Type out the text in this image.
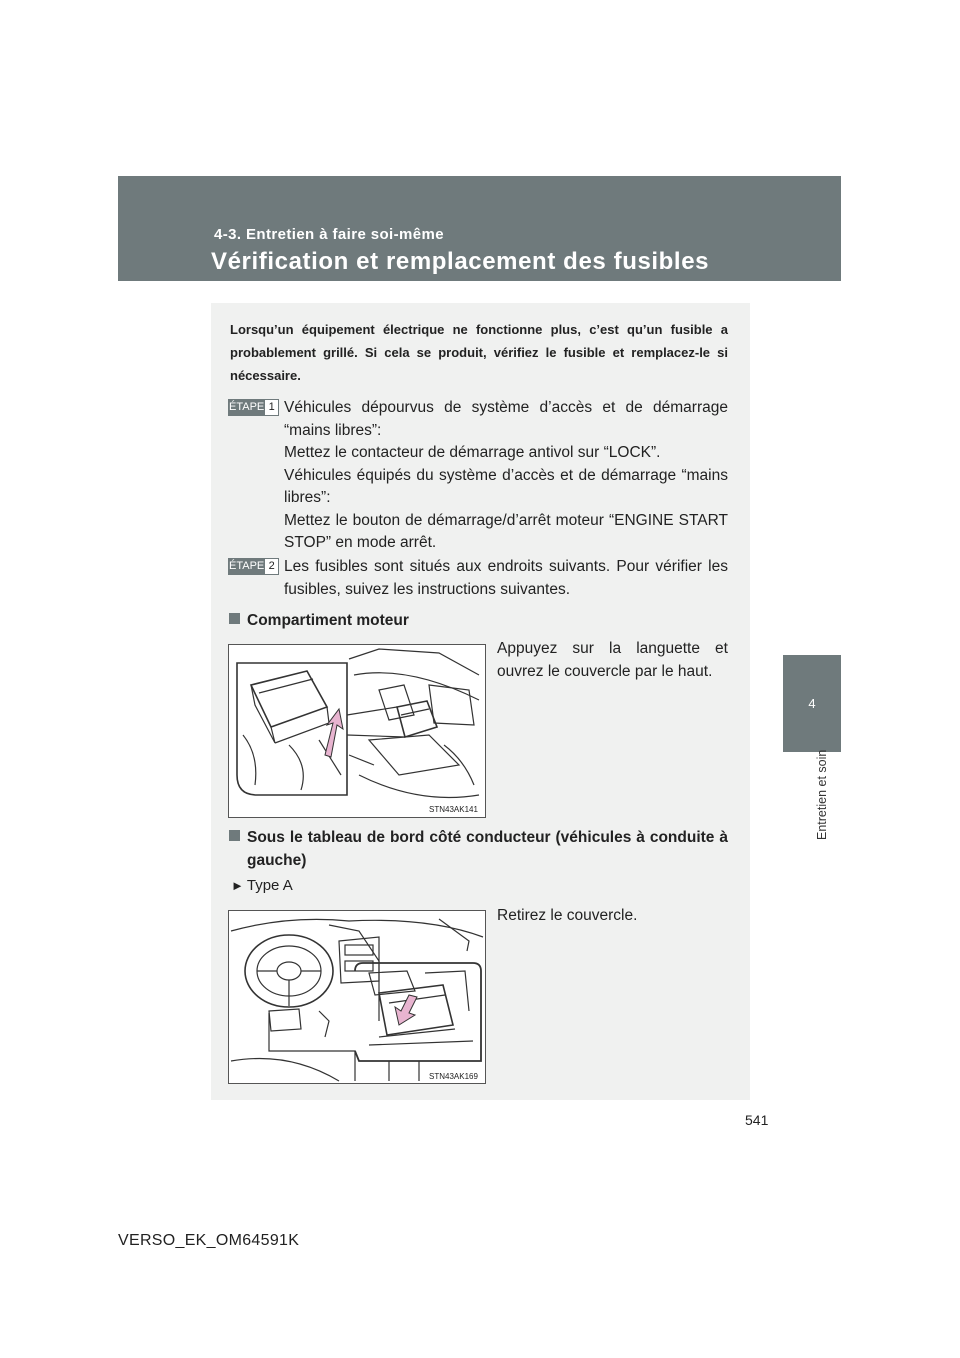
4-3. Entretien à faire soi-même
Vérification et remplacement des fusibles
4
Entretien et soin
Lorsqu’un équipement électrique ne fonctionne plus, c’est qu’un fusible a probablement grillé. Si cela se produit, vérifiez le fusible et remplacez-le si nécessaire.
ÉTAPE 1 Véhicules dépourvus de système d’accès et de démarrage “mains libres”:

Mettez le contacteur de démarrage antivol sur “LOCK”.

Véhicules équipés du système d’accès et de démarrage “mains libres”:

Mettez le bouton de démarrage/d’arrêt moteur “ENGINE START STOP” en mode arrêt.

ÉTAPE 2 Les fusibles sont situés aux endroits suivants. Pour vérifier les fusibles, suivez les instructions suivantes.

Compartiment moteur
Appuyez sur la languette et ouvrez le couvercle par le haut.
STN43AK141
Sous le tableau de bord côté conducteur (véhicules à conduite à gauche)
► Type A
Retirez le couvercle.
STN43AK169
541
VERSO_EK_OM64591K
